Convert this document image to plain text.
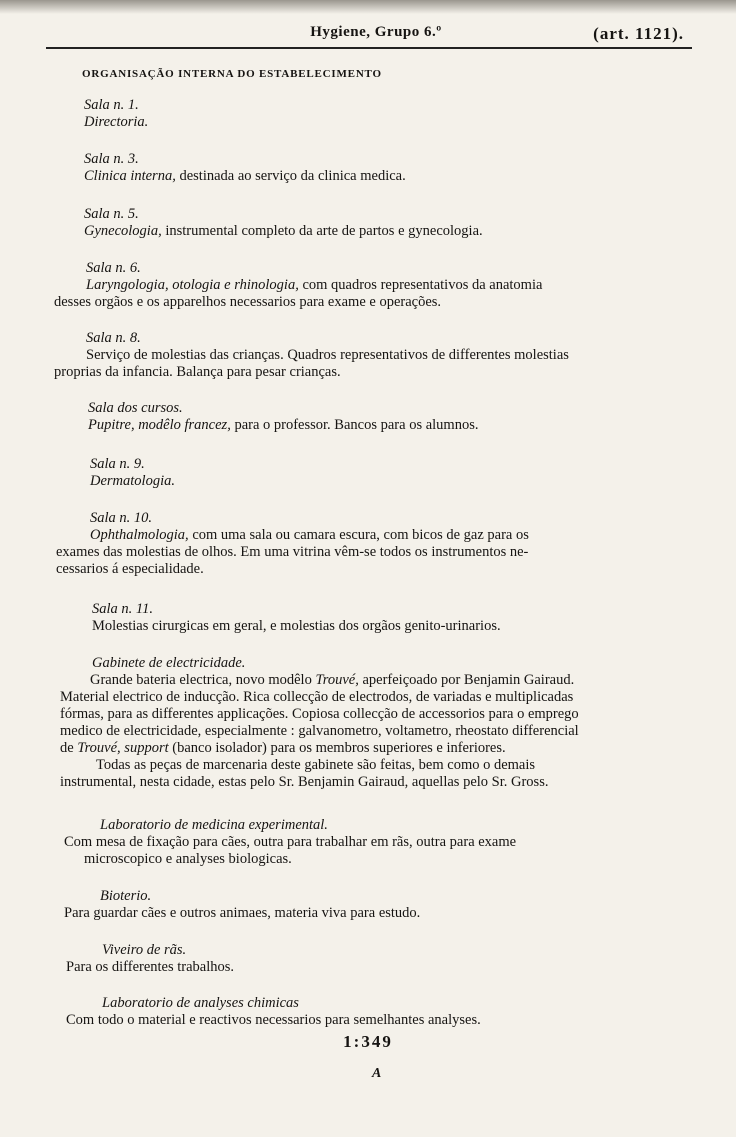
Hygiene, Grupo 6.º	(art. 1121).
ORGANISAÇÃO INTERNA DO ESTABELECIMENTO
Sala n. 1.
Directoria.
Sala n. 3.
Clinica interna, destinada ao serviço da clinica medica.
Sala n. 5.
Gynecologia, instrumental completo da arte de partos e gynecologia.
Sala n. 6.
Laryngologia, otologia e rhinologia, com quadros representativos da anatomia
desses orgãos e os apparelhos necessarios para exame e operações.
Sala n. 8.
Serviço de molestias das crianças. Quadros representativos de differentes molestias
proprias da infancia. Balança para pesar crianças.
Sala dos cursos.
Pupitre, modêlo francez, para o professor. Bancos para os alumnos.
Sala n. 9.
Dermatologia.
Sala n. 10.
Ophthalmologia, com uma sala ou camara escura, com bicos de gaz para os
exames das molestias de olhos. Em uma vitrina vêm-se todos os instrumentos ne-
cessarios á especialidade.
Sala n. 11.
Molestias cirurgicas em geral, e molestias dos orgãos genito-urinarios.
Gabinete de electricidade.
Grande bateria electrica, novo modêlo Trouvé, aperfeiçoado por Benjamin Gairaud.
Material electrico de inducção. Rica collecção de electrodos, de variadas e multiplicadas
fórmas, para as differentes applicações. Copiosa collecção de accessorios para o emprego
medico de electricidade, especialmente : galvanometro, voltametro, rheostato differencial
de Trouvé, support (banco isolador) para os membros superiores e inferiores.
Todas as peças de marcenaria deste gabinete são feitas, bem como o demais
instrumental, nesta cidade, estas pelo Sr. Benjamin Gairaud, aquellas pelo Sr. Gross.
Laboratorio de medicina experimental.
Com mesa de fixação para cães, outra para trabalhar em rãs, outra para exame
microscopico e analyses biologicas.
Bioterio.
Para guardar cães e outros animaes, materia viva para estudo.
Viveiro de rãs.
Para os differentes trabalhos.
Laboratorio de analyses chimicas
Com todo o material e reactivos necessarios para semelhantes analyses.
1:349
A
